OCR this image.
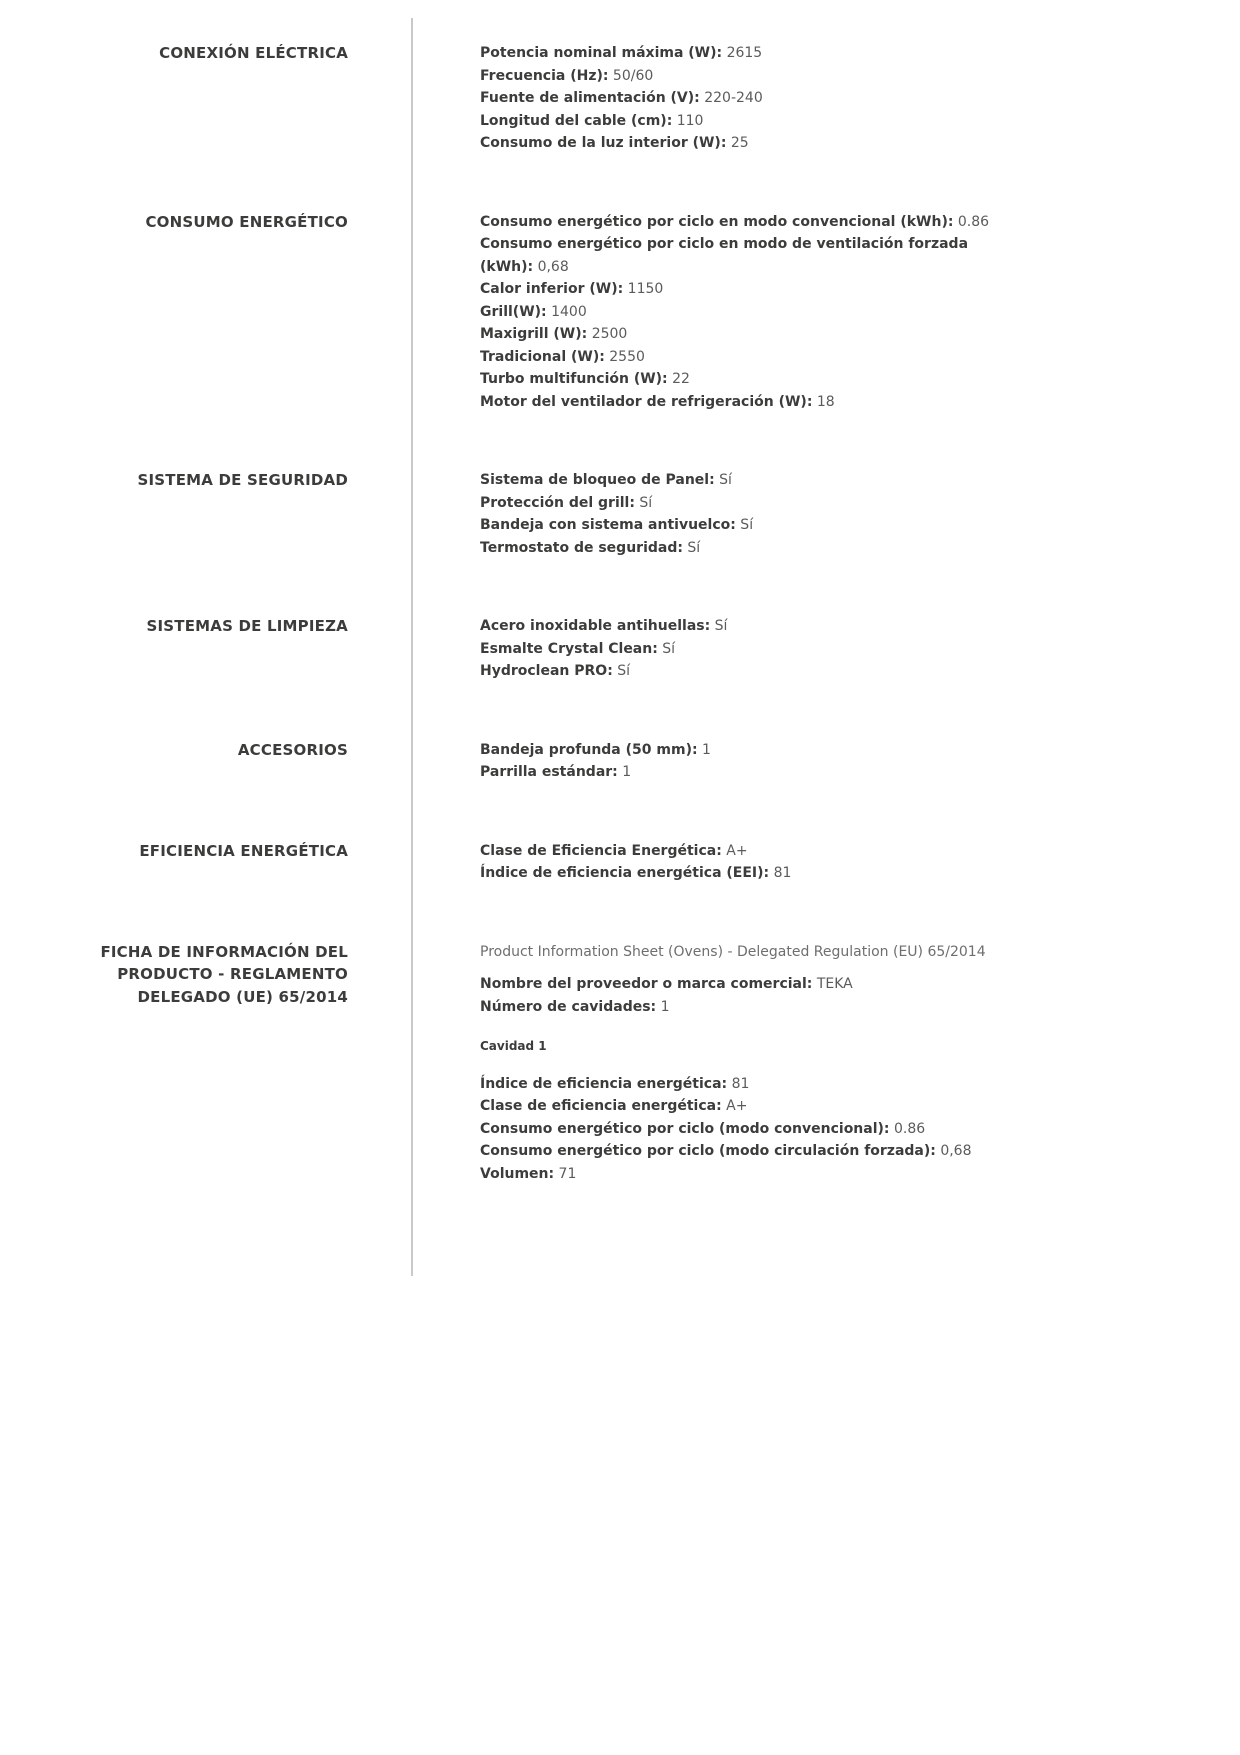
CONEXIÓN ELÉCTRICA	Potencia nominal máxima (W): 2615

Frecuencia (Hz): 50/60

Fuente de alimentación (V): 220-240

Longitud del cable (cm): 110

Consumo de la luz interior (W): 25

CONSUMO ENERGÉTICO	Consumo energético por ciclo en modo convencional (kWh): 0.86

Consumo energético por ciclo en modo de ventilación forzada (kWh): 0,68

Calor inferior (W): 1150

Grill(W): 1400

Maxigrill (W): 2500

Tradicional (W): 2550

Turbo multifunción (W): 22

Motor del ventilador de refrigeración (W): 18

SISTEMA DE SEGURIDAD	Sistema de bloqueo de Panel: Sí

Protección del grill: Sí

Bandeja con sistema antivuelco: Sí

Termostato de seguridad: Sí

SISTEMAS DE LIMPIEZA	Acero inoxidable antihuellas: Sí

Esmalte Crystal Clean: Sí

Hydroclean PRO: Sí

ACCESORIOS	Bandeja profunda (50 mm): 1

Parrilla estándar: 1

EFICIENCIA ENERGÉTICA	Clase de Eficiencia Energética: A+

Índice de eficiencia energética (EEI): 81

FICHA DE INFORMACIÓN DEL PRODUCTO - REGLAMENTO DELEGADO (UE) 65/2014

Product Information Sheet (Ovens) - Delegated Regulation (EU) 65/2014

Nombre del proveedor o marca comercial: TEKA

Número de cavidades: 1

Cavidad 1

Índice de eficiencia energética: 81

Clase de eficiencia energética: A+

Consumo energético por ciclo (modo convencional): 0.86

Consumo energético por ciclo (modo circulación forzada): 0,68

Volumen: 71
